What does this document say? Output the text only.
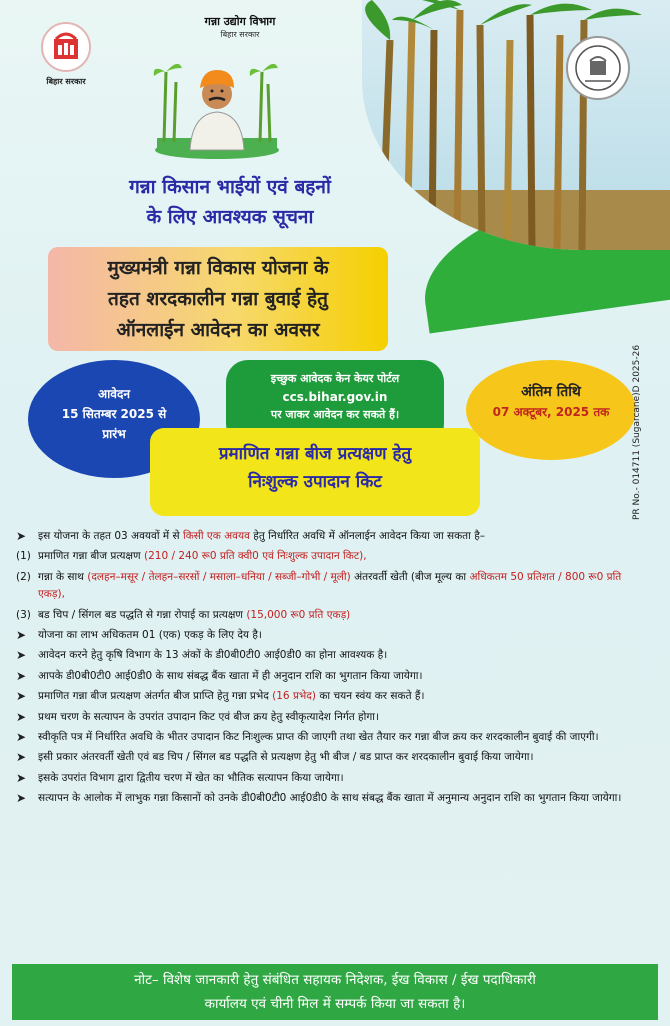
बिहार सरकार
गन्ना उद्योग विभाग
बिहार सरकार
गन्ना किसान भाईयों एवं बहनों
के लिए आवश्यक सूचना
मुख्यमंत्री गन्ना विकास योजना के
तहत शरदकालीन गन्ना बुवाई हेतु
ऑनलाईन आवेदन का अवसर
आवेदन
15 सितम्बर 2025 से
प्रारंभ
इच्छुक आवेदक केन केयर पोर्टल
ccs.bihar.gov.in
पर जाकर आवेदन कर सकते हैं।
अंतिम तिथि
07 अक्टूबर, 2025 तक	PR No.- 014711 (Sugarcane)D 2025-26
प्रमाणित गन्ना बीज प्रत्यक्षण हेतु
निःशुल्क उपादान किट
➤	इस योजना के तहत 03 अवयवों में से किसी एक अवयव हेतु निर्धारित अवधि में ऑनलाईन आवेदन किया जा सकता है–
(1) प्रमाणित गन्ना बीज प्रत्यक्षण (210 / 240 रू0 प्रति क्वी0 एवं निःशुल्क उपादान किट),
(2) गन्ना के साथ (दलहन–मसूर / तेलहन–सरसों / मसाला–धनिया / सब्जी–गोभी / मूली) अंतरवर्ती खेती (बीज मूल्य का अधिकतम 50 प्रतिशत / 800 रू0 प्रति एकड़),
(3) बड चिप / सिंगल बड पद्धति से गन्ना रोपाई का प्रत्यक्षण (15,000 रू0 प्रति एकड़)
➤	योजना का लाभ अधिकतम 01 (एक) एकड़ के लिए देय है।
➤	आवेदन करने हेतु कृषि विभाग के 13 अंकों के डी0बी0टी0 आई0डी0 का होना आवश्यक है।
➤	आपके डी0बी0टी0 आई0डी0 के साथ संबद्ध बैंक खाता में ही अनुदान राशि का भुगतान किया जायेगा।
➤	प्रमाणित गन्ना बीज प्रत्यक्षण अंतर्गत बीज प्राप्ति हेतु गन्ना प्रभेद (16 प्रभेद) का चयन स्वंय कर सकते हैं।
➤	प्रथम चरण के सत्यापन के उपरांत उपादान किट एवं बीज क्रय हेतु स्वीकृत्यादेश निर्गत होगा।
➤	स्वीकृति पत्र में निर्धारित अवधि के भीतर उपादान किट निःशुल्क प्राप्त की जाएगी तथा खेत तैयार कर गन्ना बीज क्रय कर शरदकालीन बुवाई की जाएगी।
➤	इसी प्रकार अंतरवर्ती खेती एवं बड चिप / सिंगल बड पद्धति से प्रत्यक्षण हेतु भी बीज / बड प्राप्त कर शरदकालीन बुवाई किया जायेगा।
➤	इसके उपरांत विभाग द्वारा द्वितीय चरण में खेत का भौतिक सत्यापन किया जायेगा।
➤	सत्यापन के आलोक में लाभुक गन्ना किसानों को उनके डी0बी0टी0 आई0डी0 के साथ संबद्ध बैंक खाता में अनुमान्य अनुदान राशि का भुगतान किया जायेगा।
नोट– विशेष जानकारी हेतु संबंधित सहायक निदेशक, ईख विकास / ईख पदाधिकारी
कार्यालय एवं चीनी मिल में सम्पर्क किया जा सकता है।
